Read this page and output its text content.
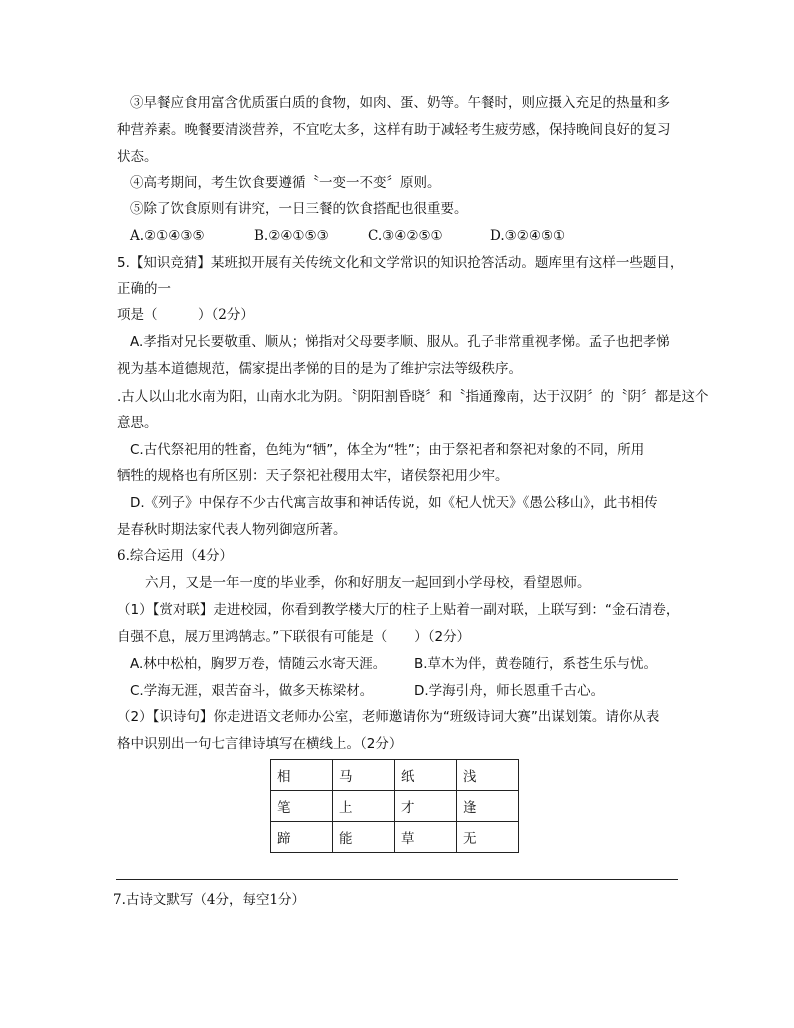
③早餐应食用富含优质蛋白质的食物，如肉、蛋、奶等。午餐时，则应摄入充足的热量和多
种营养素。晚餐要清淡营养，不宜吃太多，这样有助于减轻考生疲劳感，保持晚间良好的复习
状态。
④高考期间，考生饮食要遵循〝一变一不变〞原则。
⑤除了饮食原则有讲究，一日三餐的饮食搭配也很重要。
A.②①④③⑤	B.②④①⑤③	C.③④②⑤①	D.③②④⑤①
5.【知识竞猜】某班拟开展有关传统文化和文学常识的知识抢答活动。题库里有这样一些题目，
正确的一
项是（　　　）（2分）
A.孝指对兄长要敬重、顺从；悌指对父母要孝顺、服从。孔子非常重视孝悌。孟子也把孝悌
视为基本道德规范，儒家提出孝悌的目的是为了维护宗法等级秩序。
.古人以山北水南为阳，山南水北为阴。〝阴阳割昏晓〞和〝指通豫南，达于汉阴〞的〝阴〞都是这个
意思。
C.古代祭祀用的牲畜，色纯为“牺”，体全为“牲”；由于祭祀者和祭祀对象的不同，所用
牺牲的规格也有所区别：天子祭祀社稷用太牢，诸侯祭祀用少牢。
D.《列子》中保存不少古代寓言故事和神话传说，如《杞人忧天》《愚公移山》，此书相传
是春秋时期法家代表人物列御寇所著。
6.综合运用（4分）
六月，又是一年一度的毕业季，你和好朋友一起回到小学母校，看望恩师。
（1）【赏对联】走进校园，你看到教学楼大厅的柱子上贴着一副对联，上联写到：“金石清卷，
自强不息，展万里鸿鹄志。”下联很有可能是（　　）（2分）
A.林中松柏，胸罗万卷，情随云水寄天涯。 B.草木为伴，黄卷随行，系苍生乐与忧。
C.学海无涯，艰苦奋斗，做多天栋梁材。	D.学海引舟，师长恩重千古心。
（2）【识诗句】你走进语文老师办公室，老师邀请你为“班级诗词大赛”出谋划策。请你从表
格中识别出一句七言律诗填写在横线上。（2分）
相	马	纸	浅
笔	上	才	逢
蹄	能	草	无
7.古诗文默写（4分，每空1分）
